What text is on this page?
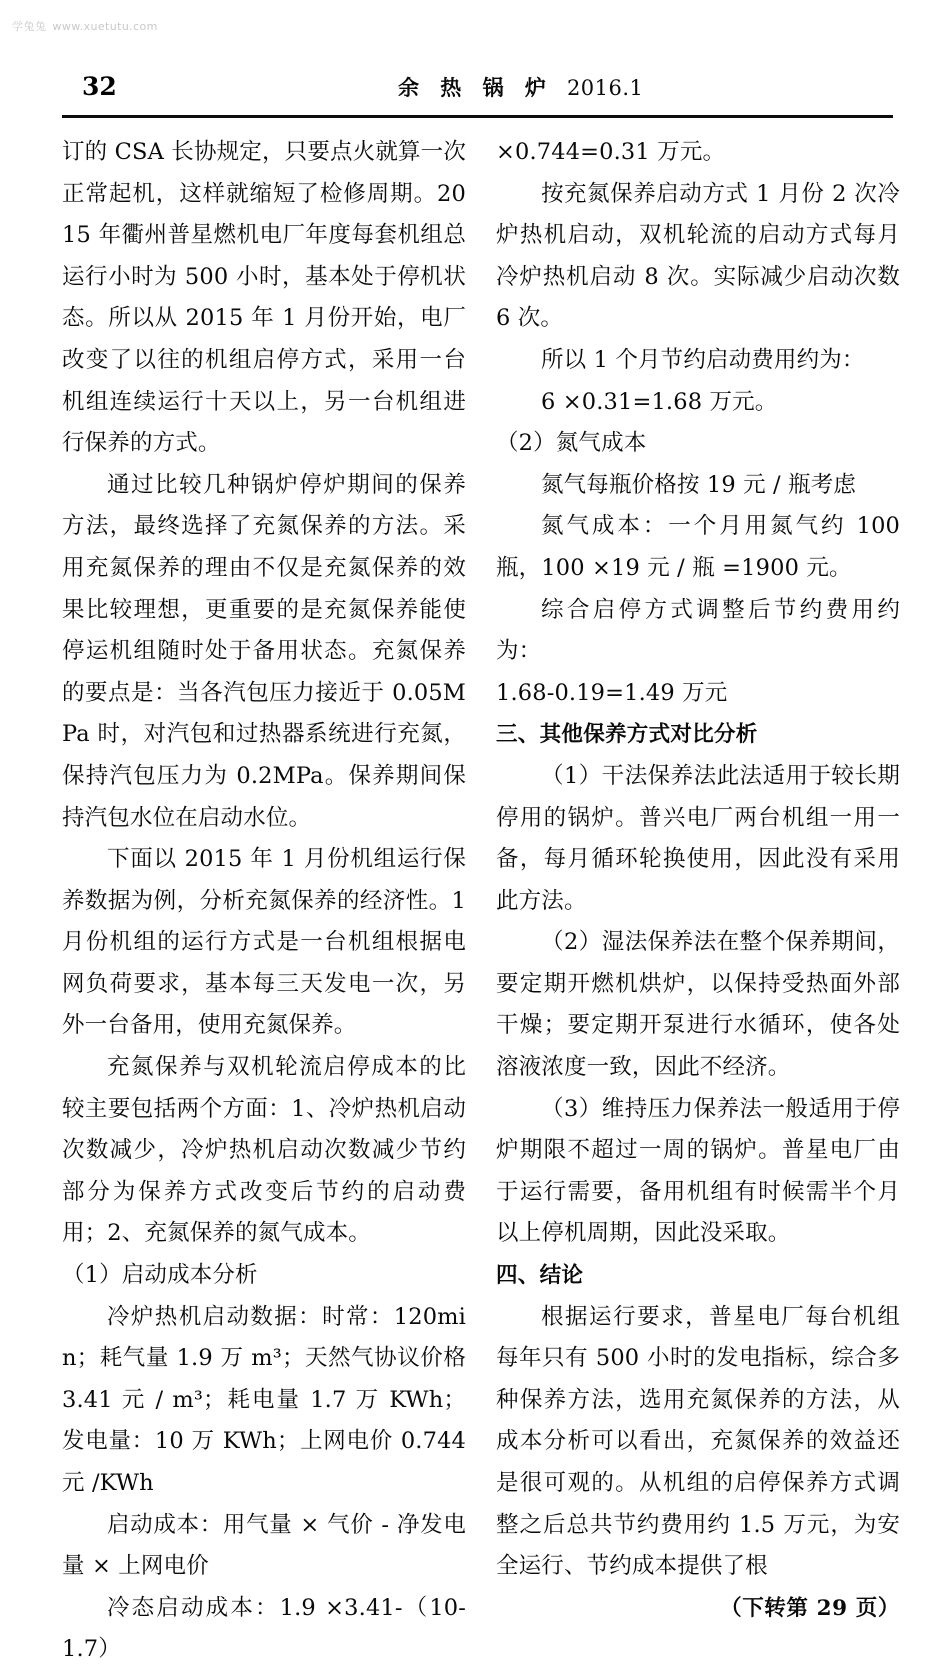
学兔兔 www.xuetutu.com
32	余 热 锅 炉 2016.1

订的 CSA 长协规定，只要点火就算一次正常起机，这样就缩短了检修周期。2015 年衢州普星燃机电厂年度每套机组总运行小时为 500 小时，基本处于停机状态。所以从 2015 年 1 月份开始，电厂改变了以往的机组启停方式，采用一台机组连续运行十天以上，另一台机组进行保养的方式。

通过比较几种锅炉停炉期间的保养方法，最终选择了充氮保养的方法。采用充氮保养的理由不仅是充氮保养的效果比较理想，更重要的是充氮保养能使停运机组随时处于备用状态。充氮保养的要点是：当各汽包压力接近于 0.05MPa 时，对汽包和过热器系统进行充氮，保持汽包压力为 0.2MPa。保养期间保持汽包水位在启动水位。

下面以 2015 年 1 月份机组运行保养数据为例，分析充氮保养的经济性。1 月份机组的运行方式是一台机组根据电网负荷要求，基本每三天发电一次，另外一台备用，使用充氮保养。

充氮保养与双机轮流启停成本的比较主要包括两个方面：1、冷炉热机启动次数减少，冷炉热机启动次数减少节约部分为保养方式改变后节约的启动费用；2、充氮保养的氮气成本。

（1）启动成本分析

冷炉热机启动数据：时常：120min；耗气量 1.9 万 m³；天然气协议价格 3.41 元 / m³；耗电量 1.7 万 KWh；发电量：10 万 KWh；上网电价 0.744 元 /KWh

启动成本：用气量 × 气价 - 净发电量 × 上网电价

冷态启动成本：1.9 ×3.41-（10-1.7）

×0.744=0.31 万元。

按充氮保养启动方式 1 月份 2 次冷炉热机启动，双机轮流的启动方式每月冷炉热机启动 8 次。实际减少启动次数 6 次。

所以 1 个月节约启动费用约为：

6 ×0.31=1.68 万元。

（2）氮气成本

氮气每瓶价格按 19 元 / 瓶考虑

氮气成本：一个月用氮气约 100 瓶，100 ×19 元 / 瓶 =1900 元。

综合启停方式调整后节约费用约为：

1.68-0.19=1.49 万元

三、其他保养方式对比分析

（1）干法保养法此法适用于较长期停用的锅炉。普兴电厂两台机组一用一备，每月循环轮换使用，因此没有采用此方法。

（2）湿法保养法在整个保养期间，要定期开燃机烘炉，以保持受热面外部干燥；要定期开泵进行水循环，使各处溶液浓度一致，因此不经济。

（3）维持压力保养法一般适用于停炉期限不超过一周的锅炉。普星电厂由于运行需要，备用机组有时候需半个月以上停机周期，因此没采取。

四、结论

根据运行要求，普星电厂每台机组每年只有 500 小时的发电指标，综合多种保养方法，选用充氮保养的方法，从成本分析可以看出，充氮保养的效益还是很可观的。从机组的启停保养方式调整之后总共节约费用约 1.5 万元，为安全运行、节约成本提供了根

（下转第 29 页）
